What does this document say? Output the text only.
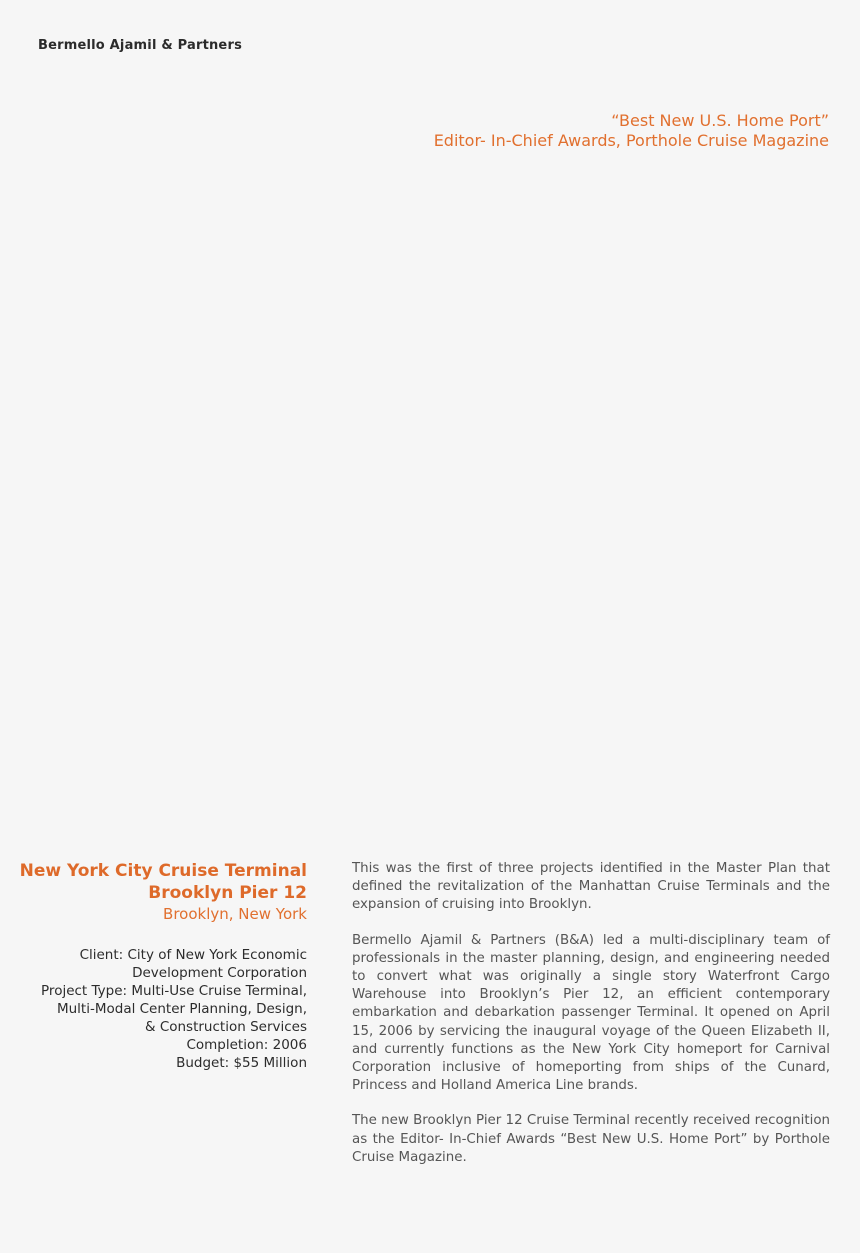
Bermello Ajamil & Partners
“Best New U.S. Home Port”
Editor- In-Chief Awards, Porthole Cruise Magazine
New York City Cruise Terminal
Brooklyn Pier 12
Brooklyn, New York
Client: City of New York Economic
Development Corporation
Project Type: Multi-Use Cruise Terminal,
Multi-Modal Center Planning, Design,
& Construction Services
Completion: 2006
Budget: $55 Million

This was the first of three projects identified in the Master Plan that defined the revitalization of the Manhattan Cruise Terminals and the expansion of cruising into Brooklyn.

Bermello Ajamil & Partners (B&A) led a multi-disciplinary team of professionals in the master planning, design, and engineering needed to convert what was originally a single story Waterfront Cargo Warehouse into Brooklyn’s Pier 12, an efficient contemporary embarkation and debarkation passenger Terminal. It opened on April 15, 2006 by servicing the inaugural voyage of the Queen Elizabeth II, and currently functions as the New York City homeport for Carnival Corporation inclusive of homeporting from ships of the Cunard, Princess and Holland America Line brands.

The new Brooklyn Pier 12 Cruise Terminal recently received recognition as the Editor- In-Chief Awards “Best New U.S. Home Port” by Porthole Cruise Magazine.
